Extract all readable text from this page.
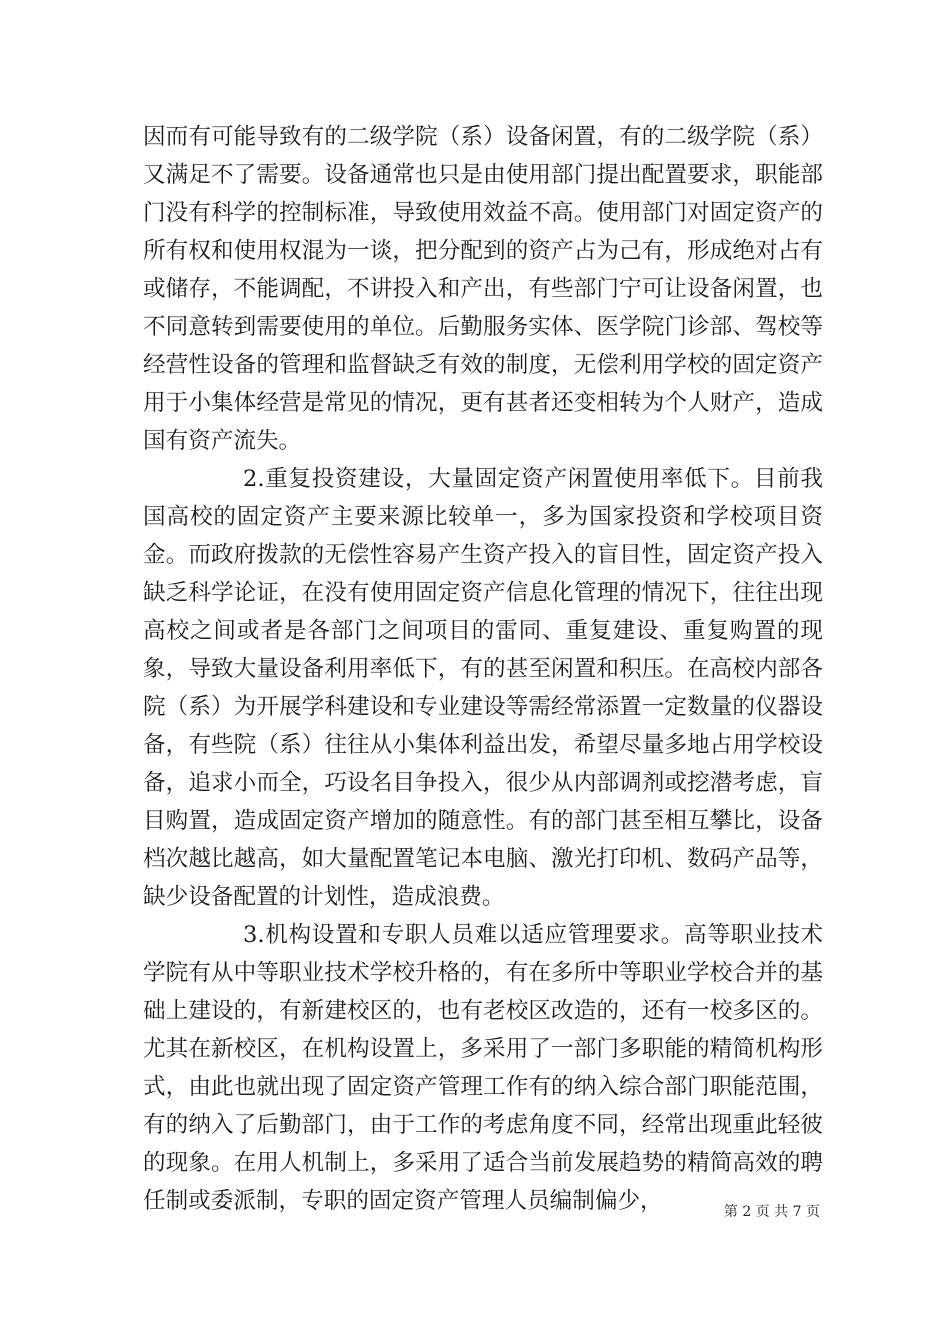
因而有可能导致有的二级学院（系）设备闲置，有的二级学院（系）又满足不了需要。设备通常也只是由使用部门提出配置要求，职能部门没有科学的控制标准，导致使用效益不高。使用部门对固定资产的所有权和使用权混为一谈，把分配到的资产占为己有，形成绝对占有或储存，不能调配，不讲投入和产出，有些部门宁可让设备闲置，也不同意转到需要使用的单位。后勤服务实体、医学院门诊部、驾校等经营性设备的管理和监督缺乏有效的制度，无偿利用学校的固定资产用于小集体经营是常见的情况，更有甚者还变相转为个人财产，造成国有资产流失。

2.重复投资建设，大量固定资产闲置使用率低下。目前我国高校的固定资产主要来源比较单一，多为国家投资和学校项目资金。而政府拨款的无偿性容易产生资产投入的盲目性，固定资产投入缺乏科学论证，在没有使用固定资产信息化管理的情况下，往往出现高校之间或者是各部门之间项目的雷同、重复建设、重复购置的现象，导致大量设备利用率低下，有的甚至闲置和积压。在高校内部各院（系）为开展学科建设和专业建设等需经常添置一定数量的仪器设备，有些院（系）往往从小集体利益出发，希望尽量多地占用学校设备，追求小而全，巧设名目争投入，很少从内部调剂或挖潜考虑，盲目购置，造成固定资产增加的随意性。有的部门甚至相互攀比，设备档次越比越高，如大量配置笔记本电脑、激光打印机、数码产品等，缺少设备配置的计划性，造成浪费。

3.机构设置和专职人员难以适应管理要求。高等职业技术学院有从中等职业技术学校升格的，有在多所中等职业学校合并的基础上建设的，有新建校区的，也有老校区改造的，还有一校多区的。尤其在新校区，在机构设置上，多采用了一部门多职能的精简机构形式，由此也就出现了固定资产管理工作有的纳入综合部门职能范围，有的纳入了后勤部门，由于工作的考虑角度不同，经常出现重此轻彼的现象。在用人机制上，多采用了适合当前发展趋势的精简高效的聘任制或委派制，专职的固定资产管理人员编制偏少，	第 2 页 共 7 页
